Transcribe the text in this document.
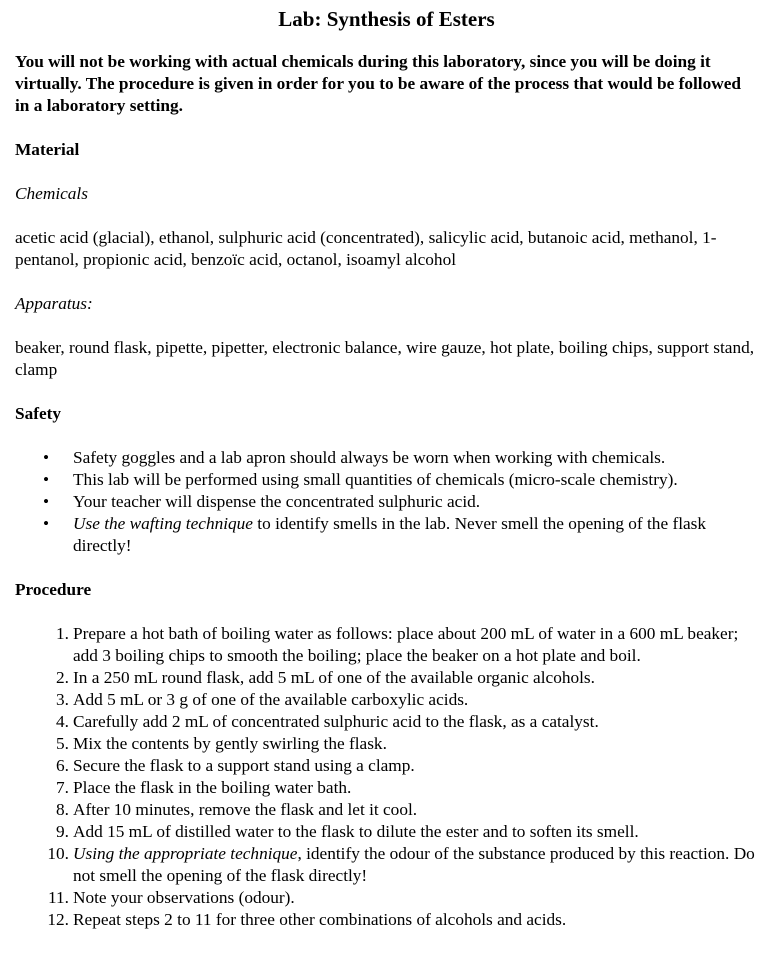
Lab: Synthesis of Esters
You will not be working with actual chemicals during this laboratory, since you will be doing it virtually. The procedure is given in order for you to be aware of the process that would be followed in a laboratory setting.
Material
Chemicals
acetic acid (glacial), ethanol, sulphuric acid (concentrated), salicylic acid, butanoic acid, methanol, 1-pentanol, propionic acid, benzoïc acid, octanol, isoamyl alcohol
Apparatus:
beaker, round flask, pipette, pipetter, electronic balance, wire gauze, hot plate, boiling chips, support stand, clamp
Safety
• Safety goggles and a lab apron should always be worn when working with chemicals.
• This lab will be performed using small quantities of chemicals (micro-scale chemistry).
• Your teacher will dispense the concentrated sulphuric acid.
• Use the wafting technique to identify smells in the lab. Never smell the opening of the flask directly!
Procedure
1. Prepare a hot bath of boiling water as follows: place about 200 mL of water in a 600 mL beaker; add 3 boiling chips to smooth the boiling; place the beaker on a hot plate and boil.
2. In a 250 mL round flask, add 5 mL of one of the available organic alcohols.
3. Add 5 mL or 3 g of one of the available carboxylic acids.
4. Carefully add 2 mL of concentrated sulphuric acid to the flask, as a catalyst.
5. Mix the contents by gently swirling the flask.
6. Secure the flask to a support stand using a clamp.
7. Place the flask in the boiling water bath.
8. After 10 minutes, remove the flask and let it cool.
9. Add 15 mL of distilled water to the flask to dilute the ester and to soften its smell.
10. Using the appropriate technique, identify the odour of the substance produced by this reaction. Do not smell the opening of the flask directly!
11. Note your observations (odour).
12. Repeat steps 2 to 11 for three other combinations of alcohols and acids.
